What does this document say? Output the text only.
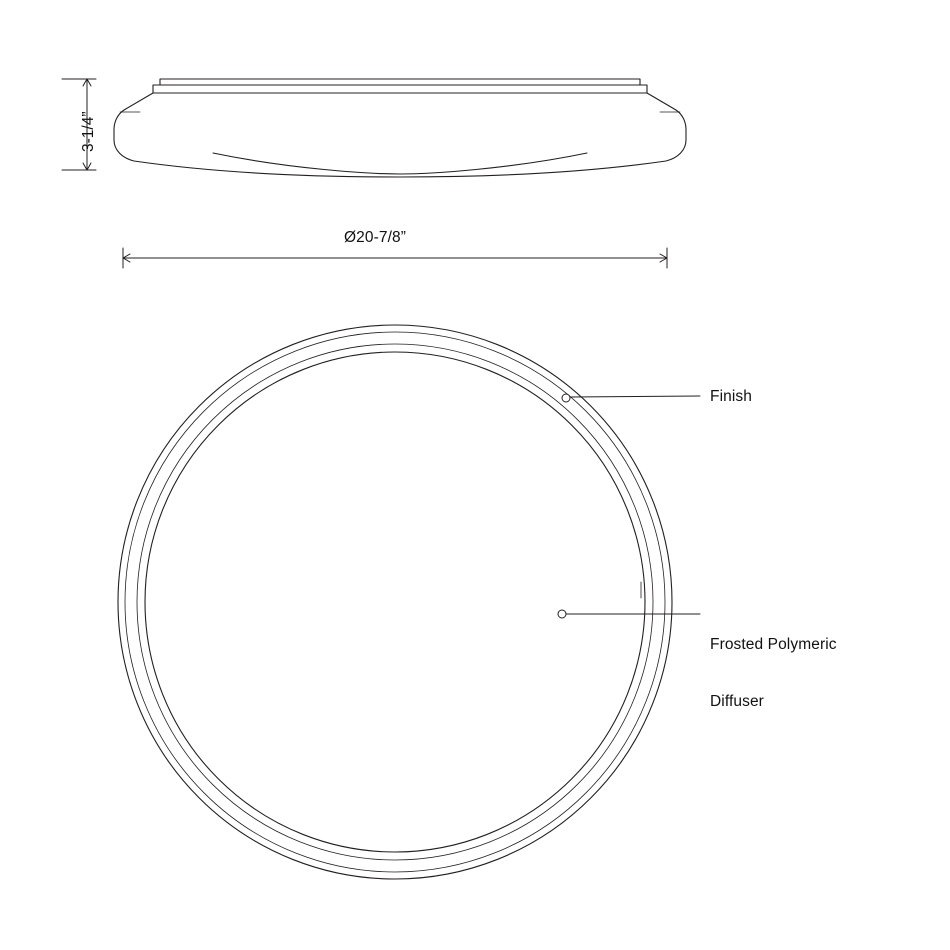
Finish

Frosted Polymeric

Diffuser

Ø20-7/8”
3-1/4”
